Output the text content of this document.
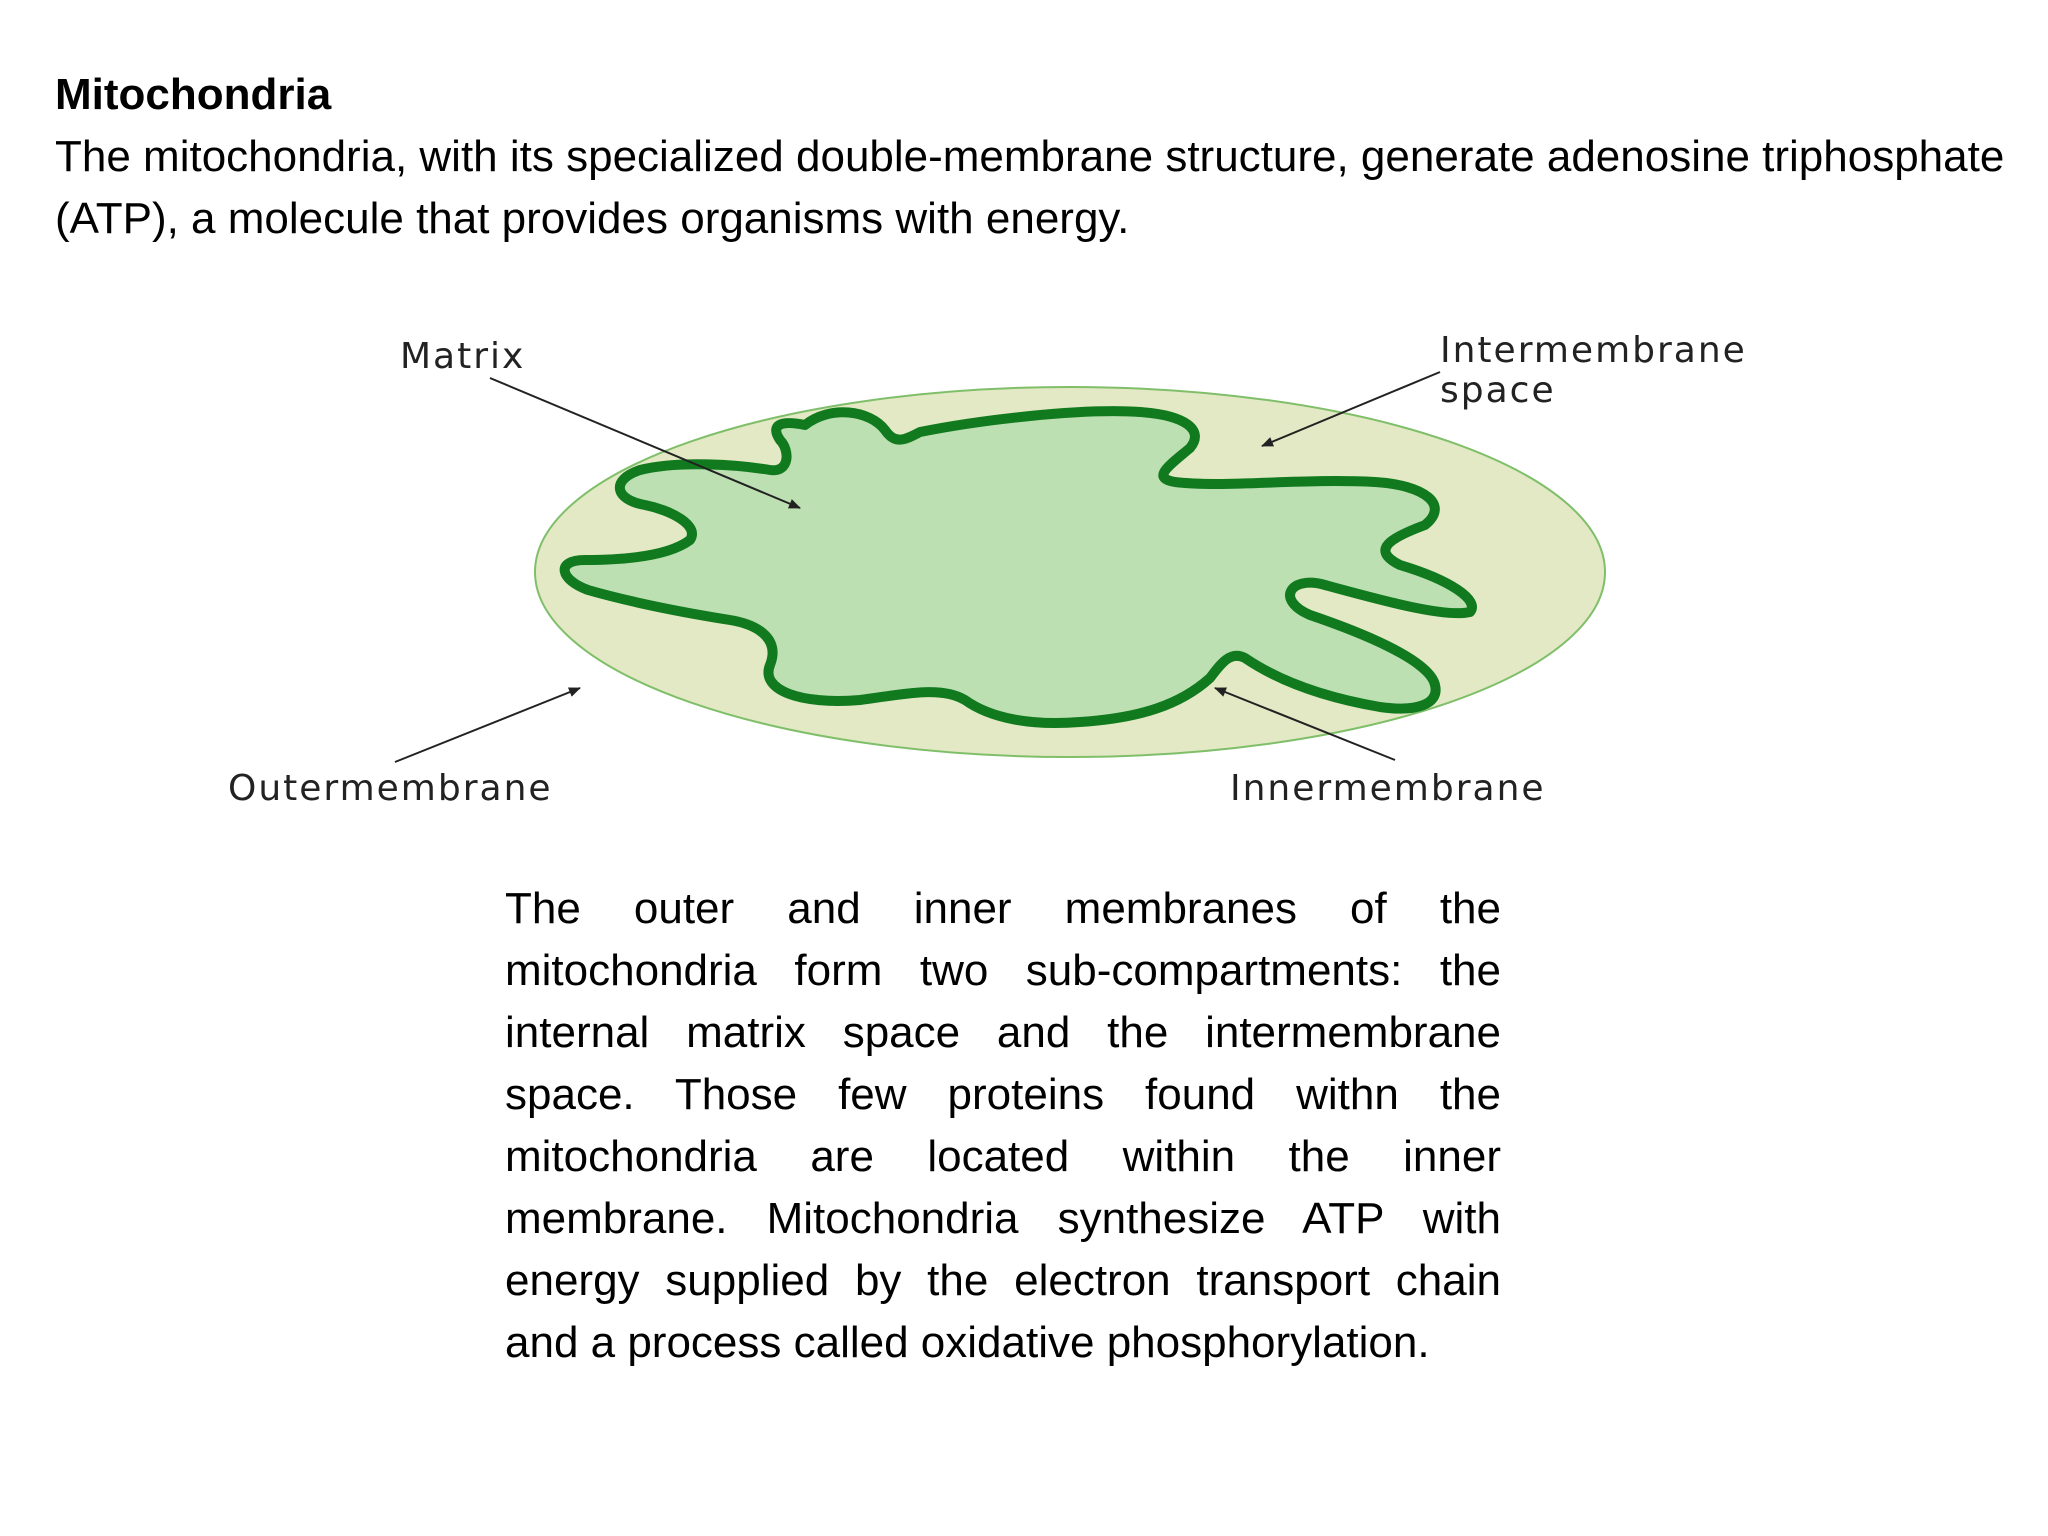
Mitochondria
The mitochondria, with its specialized double-membrane structure, generate adenosine triphosphate (ATP), a molecule that provides organisms with energy.
Matrix	Intermembrane
space
Outermembrane	Innermembrane
The outer and inner membranes of the mitochondria form two sub-compartments: the internal matrix space and the intermembrane space. Those few proteins found withn the mitochondria are located within the inner membrane. Mitochondria synthesize ATP with energy supplied by the electron transport chain and a process called oxidative phosphorylation.
